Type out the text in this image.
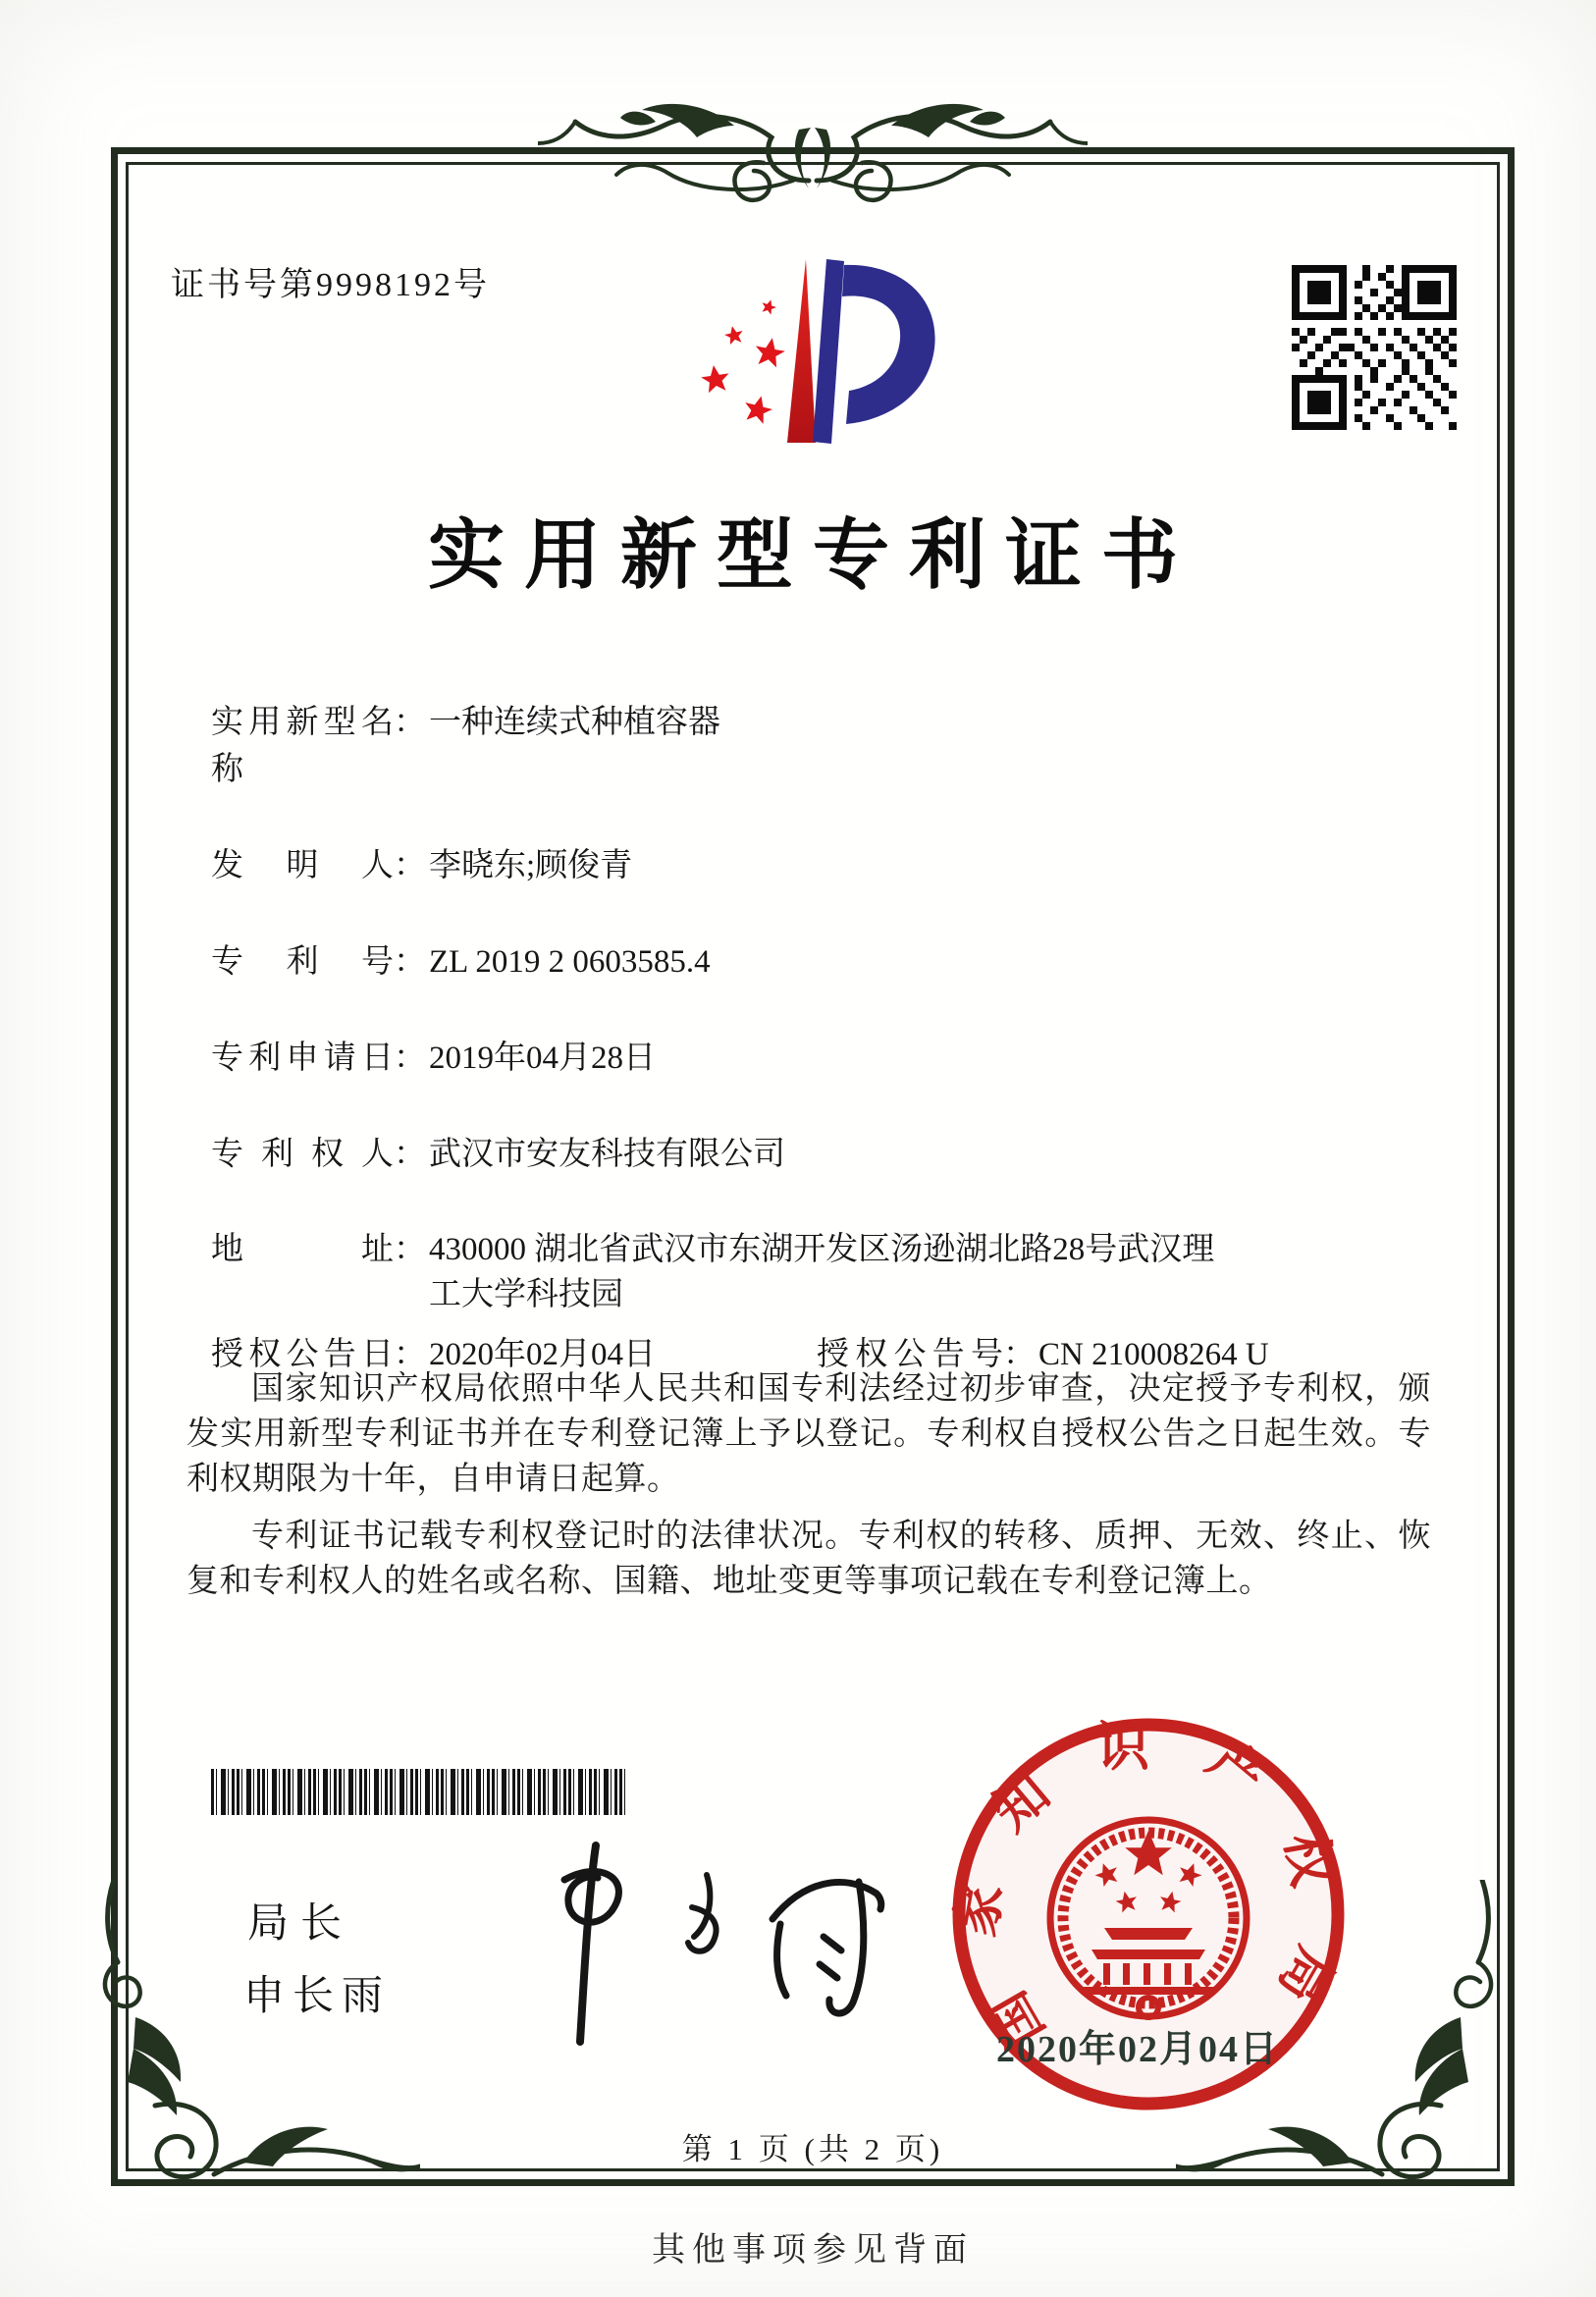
证书号第9998192号
实用新型专利证书
实用新型名称
： 一种连续式种植容器
发明人 ： 李晓东;顾俊青
专利号 ： ZL 2019 2 0603585.4
专利申请日 ： 2019年04月28日
专利权人 ： 武汉市安友科技有限公司
地址 ： 430000 湖北省武汉市东湖开发区汤逊湖北路28号武汉理工大学科技园
授权公告日 ： 2020年02月04日	授权公告号 ： CN 210008264 U

国家知识产权局依照中华人民共和国专利法经过初步审查，决定授予专利权，颁发实用新型专利证书并在专利登记簿上予以登记。专利权自授权公告之日起生效。专利权期限为十年，自申请日起算。

专利证书记载专利权登记时的法律状况。专利权的转移、质押、无效、终止、恢复和专利权人的姓名或名称、国籍、地址变更等事项记载在专利登记簿上。

局长
申长雨	国家知识产权局
2020年02月04日
第 1 页 (共 2 页)
其他事项参见背面
